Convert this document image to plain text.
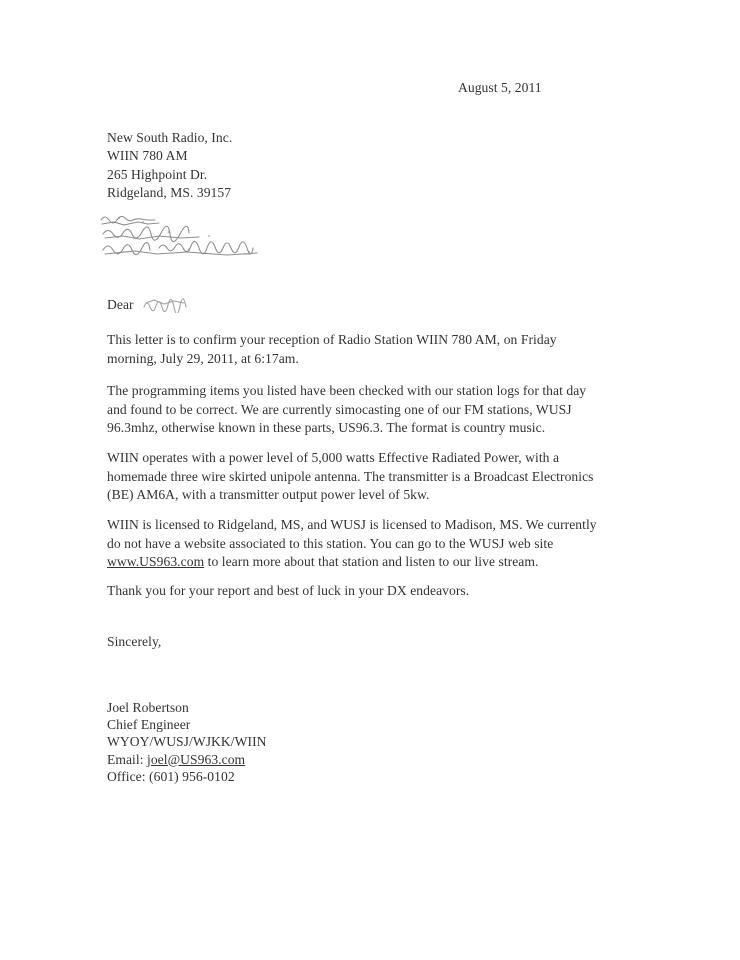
August 5, 2011
New South Radio, Inc.
WIIN 780 AM
265 Highpoint Dr.
Ridgeland, MS. 39157
Dear
This letter is to confirm your reception of Radio Station WIIN 780 AM, on Friday
morning, July 29, 2011, at 6:17am.
The programming items you listed have been checked with our station logs for that day
and found to be correct. We are currently simocasting one of our FM stations, WUSJ
96.3mhz, otherwise known in these parts, US96.3. The format is country music.
WIIN operates with a power level of 5,000 watts Effective Radiated Power, with a
homemade three wire skirted unipole antenna. The transmitter is a Broadcast Electronics
(BE) AM6A, with a transmitter output power level of 5kw.
WIIN is licensed to Ridgeland, MS, and WUSJ is licensed to Madison, MS. We currently
do not have a website associated to this station. You can go to the WUSJ web site
www.US963.com to learn more about that station and listen to our live stream.
Thank you for your report and best of luck in your DX endeavors.
Sincerely,
Joel Robertson
Chief Engineer
WYOY/WUSJ/WJKK/WIIN
Email: joel@US963.com
Office: (601) 956-0102
